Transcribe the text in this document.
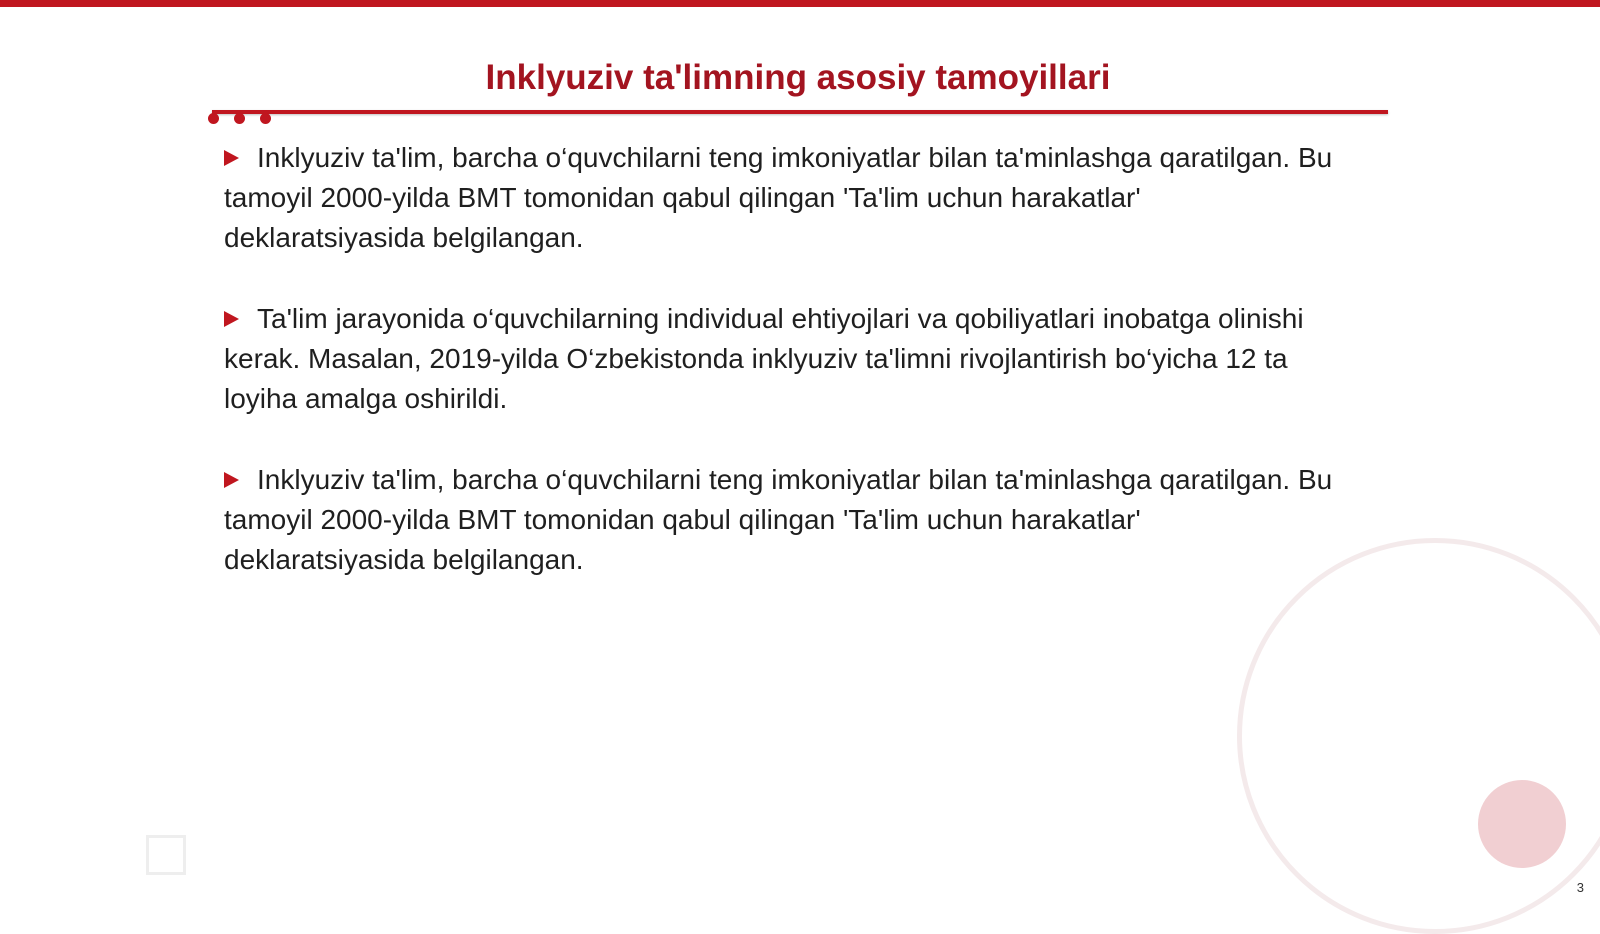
Inklyuziv ta'limning asosiy tamoyillari

Inklyuziv ta'lim, barcha o‘quvchilarni teng imkoniyatlar bilan ta'minlashga qaratilgan. Bu tamoyil 2000-yilda BMT tomonidan qabul qilingan 'Ta'lim uchun harakatlar' deklaratsiyasida belgilangan.

Ta'lim jarayonida o‘quvchilarning individual ehtiyojlari va qobiliyatlari inobatga olinishi kerak. Masalan, 2019-yilda O‘zbekistonda inklyuziv ta'limni rivojlantirish bo‘yicha 12 ta loyiha amalga oshirildi.

Inklyuziv ta'lim, barcha o‘quvchilarni teng imkoniyatlar bilan ta'minlashga qaratilgan. Bu tamoyil 2000-yilda BMT tomonidan qabul qilingan 'Ta'lim uchun harakatlar' deklaratsiyasida belgilangan.

3
